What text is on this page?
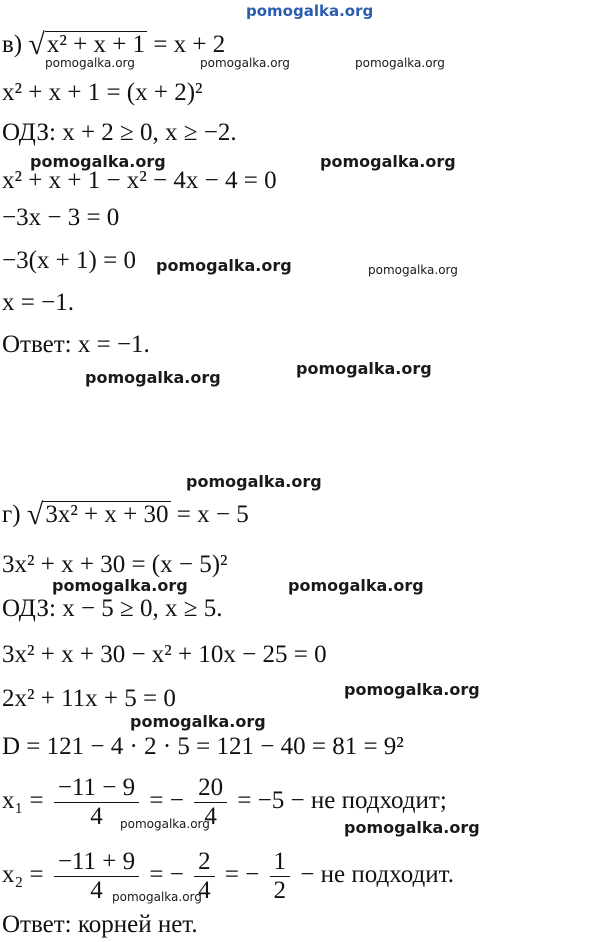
pomogalka.org
в) √x² + x + 1 = x + 2
pomogalka.org	pomogalka.org	pomogalka.org
x² + x + 1 = (x + 2)²
ОДЗ: x + 2 ≥ 0, x ≥ −2.
pomogalka.org	pomogalka.org
x² + x + 1 − x² − 4x − 4 = 0
−3x − 3 = 0
−3(x + 1) = 0 pomogalka.org	pomogalka.org
x = −1.
Ответ: x = −1.
pomogalka.org
pomogalka.org
pomogalka.org
г) √3x² + x + 30 = x − 5
3x² + x + 30 = (x − 5)²
pomogalka.org	pomogalka.org
ОДЗ: x − 5 ≥ 0, x ≥ 5.
3x² + x + 30 − x² + 10x − 25 = 0
pomogalka.org
2x² + 11x + 5 = 0
pomogalka.org
D = 121 − 4 · 2 · 5 = 121 − 40 = 81 = 9²
$x_1 = \frac{-11 - 9}{4}$ = − $\frac{20}{4} = -5$ − не подходит;
pomogalka.org	pomogalka.org
$x_2 = \frac{-11 + 9}{4}$ = − $\frac{2}{4}$ = − $\frac{1}{2}$ − не подходит.
pomogalka.org
Ответ: корней нет.
